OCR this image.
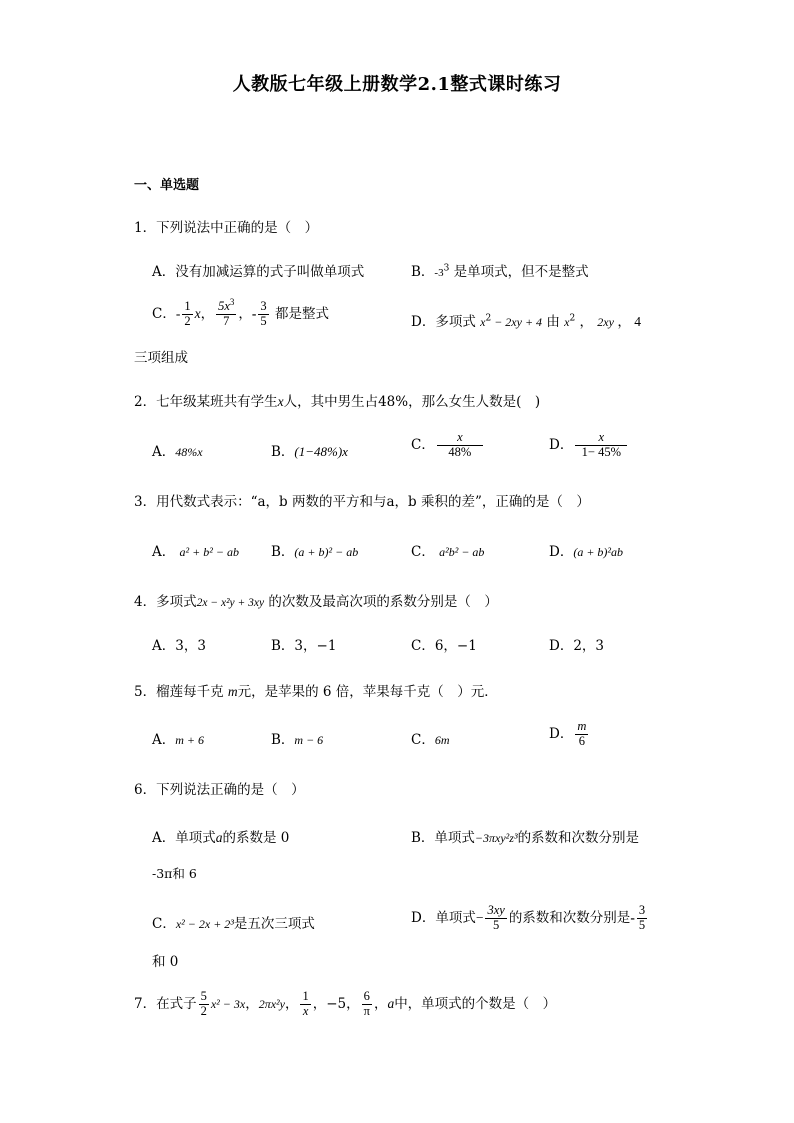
人教版七年级上册数学2.1整式课时练习
一、单选题
1．下列说法中正确的是（　）
A．没有加减运算的式子叫做单项式	B．$-3^3$ 是单项式，但不是整式
C．- $\frac{1}{2}$ x， $\frac{5x^3}{7}$ ，- $\frac{3}{5}$ 都是整式
D．多项式 $x^2 - 2xy + 4$ 由 $x^2$ ， 2xy ， 4
三项组成
2．七年级某班共有学生x人，其中男生占48%，那么女生人数是(　)
A．48%x	B．(1−48%)x	C． $\frac{x}{48\%}$	D． $\frac{x}{1- 45\%}$
3．用代数式表示：“a，b 两数的平方和与a，b 乘积的差”，正确的是（　）
A． a² + b² − ab B．(a + b)² − ab	C． a²b² − ab	D．(a + b)²ab
4．多项式2x − x²y + 3xy 的次数及最高次项的系数分别是（　）
A．3，3	B．3，−1	C．6，−1	D．2，3
5．榴莲每千克 m元，是苹果的 6 倍，苹果每千克（　）元．
A．m + 6	B．m − 6	C．6m	D． $\frac{m}{6}$
6．下列说法正确的是（　）
A．单项式a的系数是 0	B．单项式−3πxy²z³的系数和次数分别是
-3π和 6
C．x² − 2x + 2³是五次三项式	D．单项式− $\frac{3xy}{5}$ 的系数和次数分别是- $\frac{3}{5}$
和 0
7．在式子 $\frac{5}{2} x^2 - 3x$，2πx²y， $\frac{1}{x}$ ，−5， $\frac{6}{\pi}$ ，a中，单项式的个数是（　）
